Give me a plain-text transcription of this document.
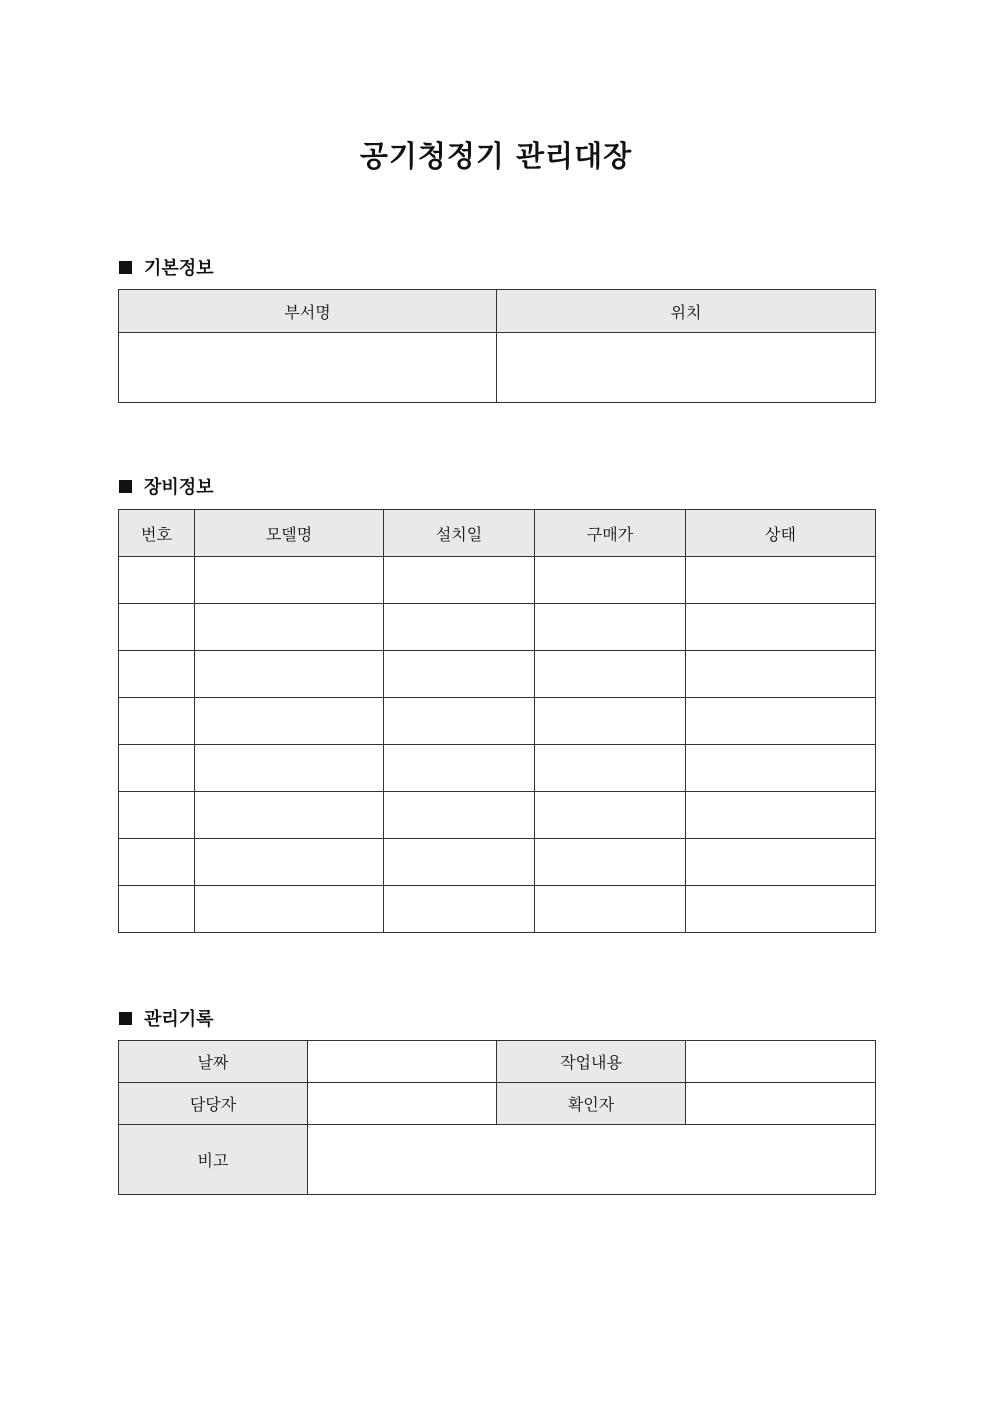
공기청정기 관리대장
기본정보
부서명	위치

장비정보
번호	모델명	설치일	구매가	상태

관리기록
날짜		작업내용	
담당자		확인자	
비고			
